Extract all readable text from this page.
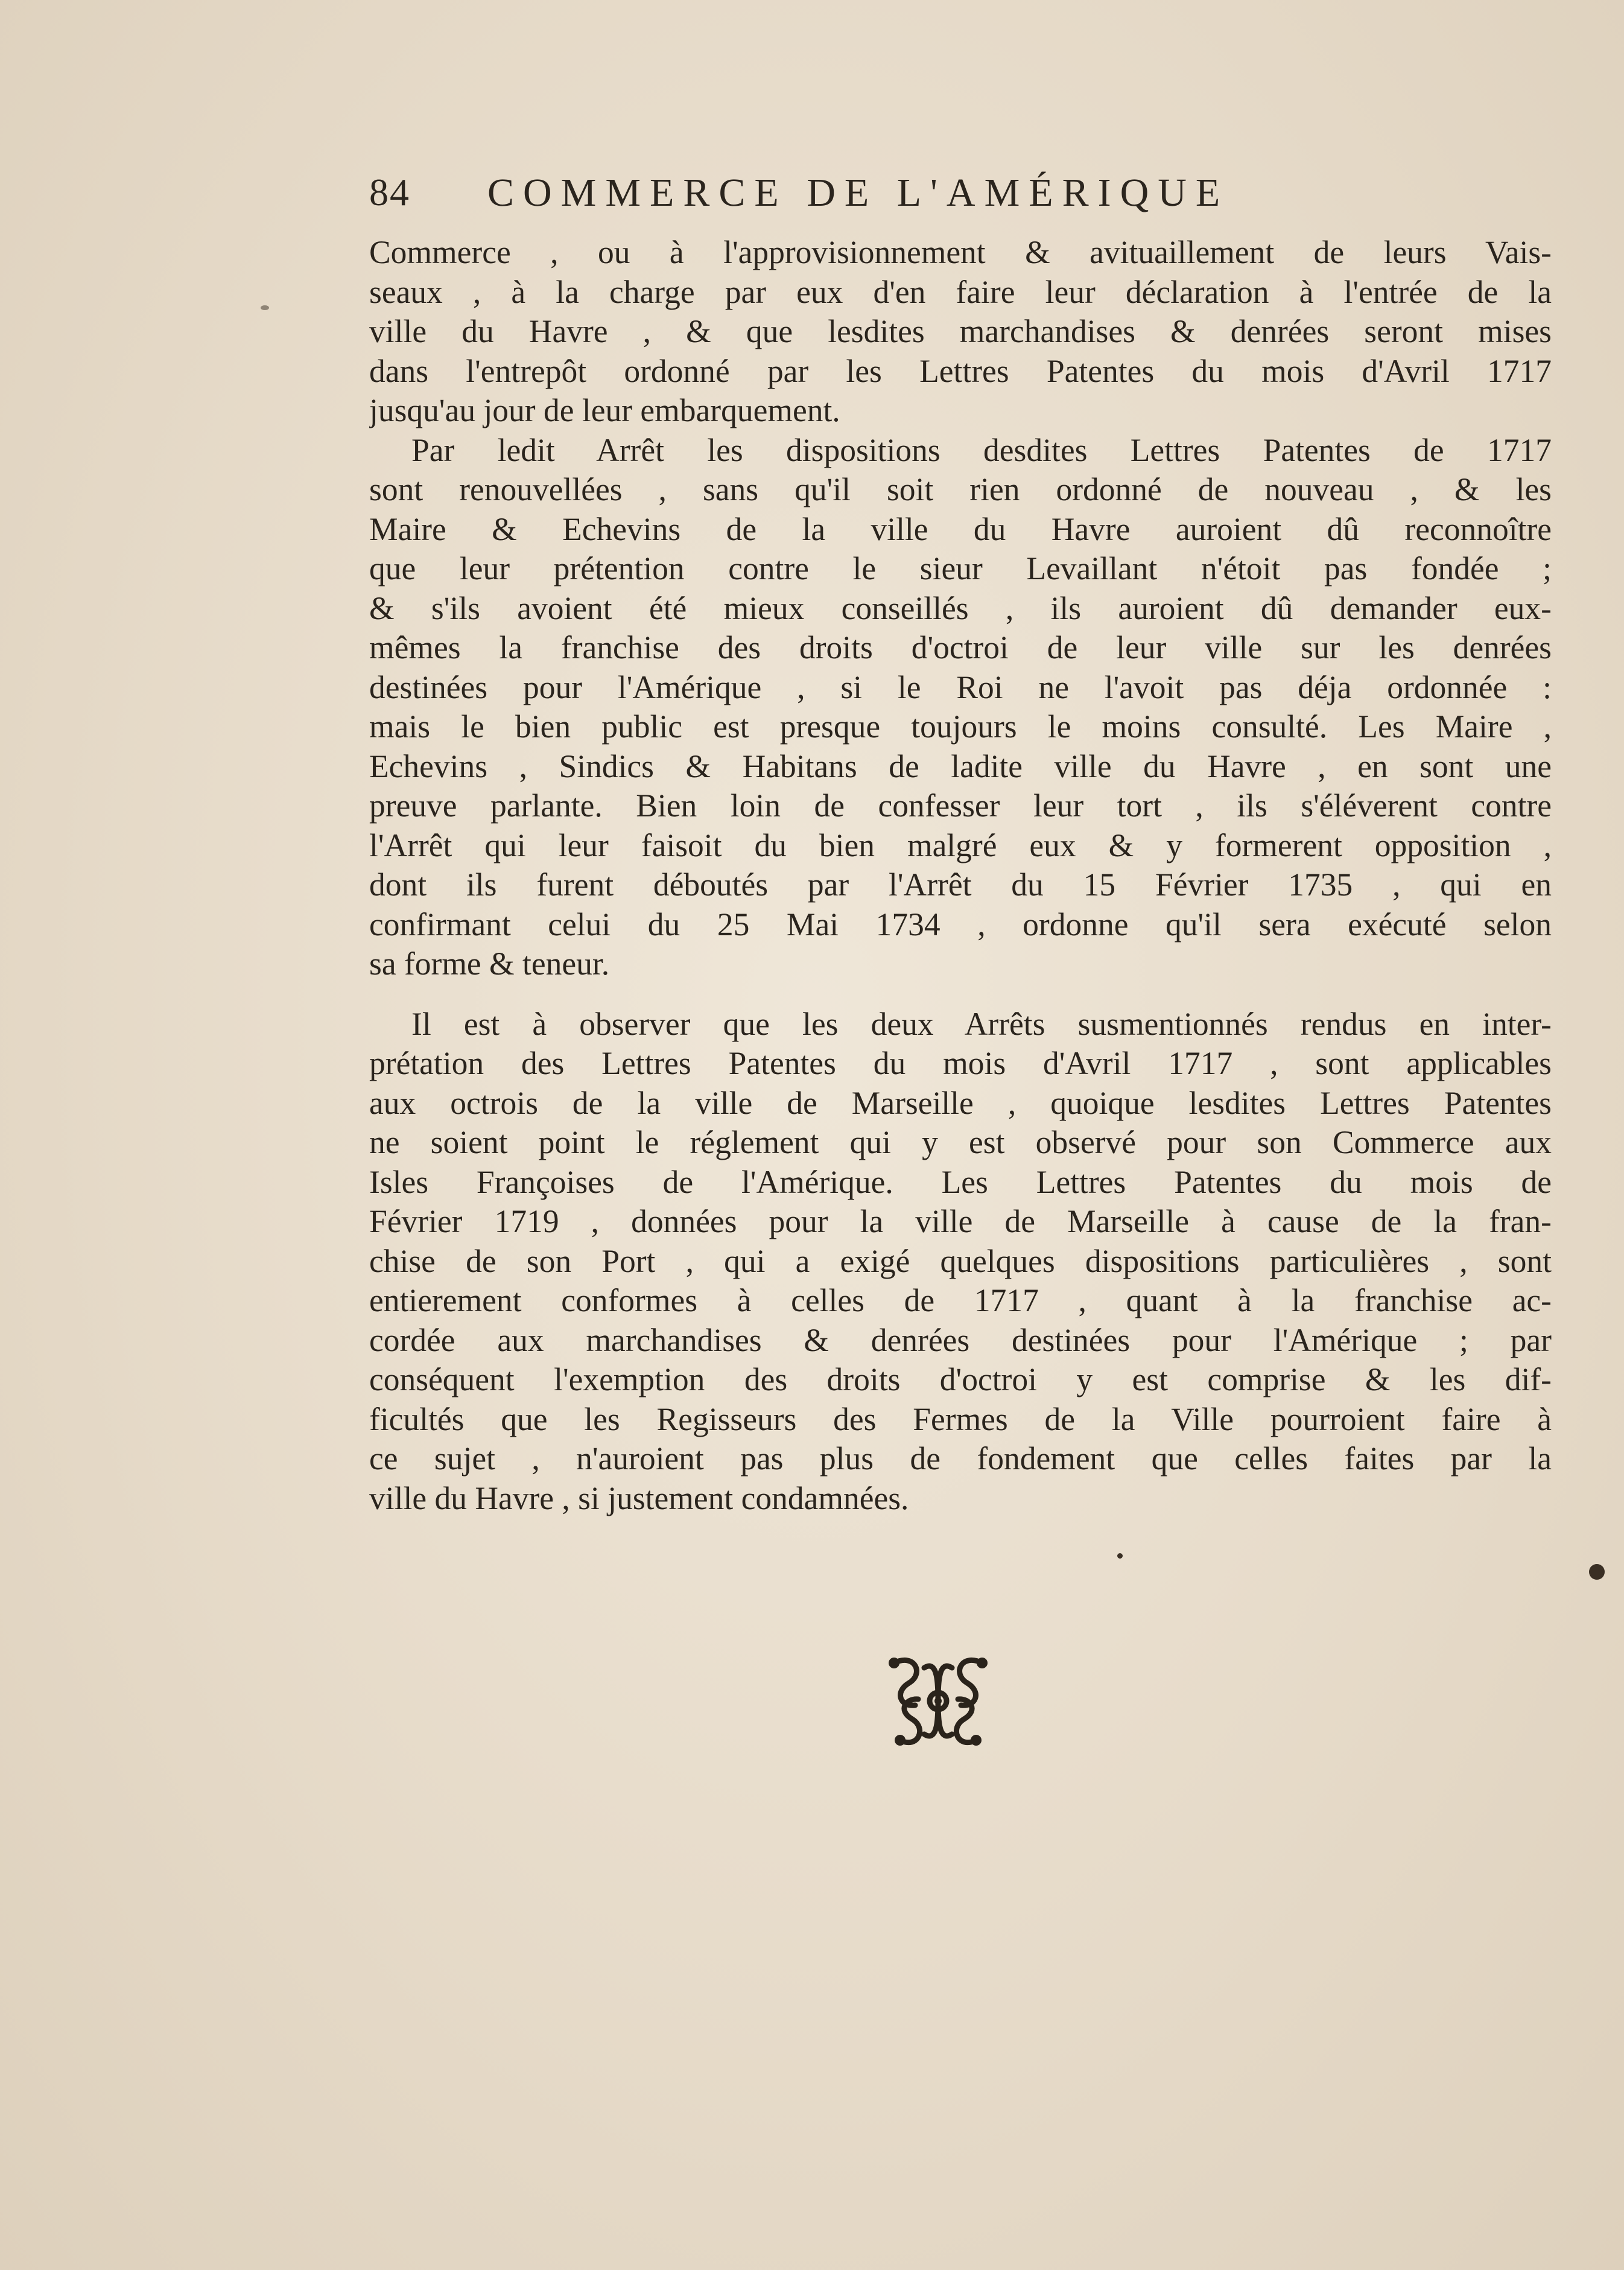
84 COMMERCE DE L'AMÉRIQUE
Commerce , ou à l'approvisionnement & avituaillement de leurs Vais-
seaux , à la charge par eux d'en faire leur déclaration à l'entrée de la
ville du Havre , & que lesdites marchandises & denrées seront mises
dans l'entrepôt ordonné par les Lettres Patentes du mois d'Avril 1717
jusqu'au jour de leur embarquement.
Par ledit Arrêt les dispositions desdites Lettres Patentes de 1717
sont renouvellées , sans qu'il soit rien ordonné de nouveau , & les
Maire & Echevins de la ville du Havre auroient dû reconnoître
que leur prétention contre le sieur Levaillant n'étoit pas fondée ;
& s'ils avoient été mieux conseillés , ils auroient dû demander eux-
mêmes la franchise des droits d'octroi de leur ville sur les denrées
destinées pour l'Amérique , si le Roi ne l'avoit pas déja ordonnée :
mais le bien public est presque toujours le moins consulté. Les Maire ,
Echevins , Sindics & Habitans de ladite ville du Havre , en sont une
preuve parlante. Bien loin de confesser leur tort , ils s'éléverent contre
l'Arrêt qui leur faisoit du bien malgré eux & y formerent opposition ,
dont ils furent déboutés par l'Arrêt du 15 Février 1735 , qui en
confirmant celui du 25 Mai 1734 , ordonne qu'il sera exécuté selon
sa forme & teneur.
Il est à observer que les deux Arrêts susmentionnés rendus en inter-
prétation des Lettres Patentes du mois d'Avril 1717 , sont applicables
aux octrois de la ville de Marseille , quoique lesdites Lettres Patentes
ne soient point le réglement qui y est observé pour son Commerce aux
Isles Françoises de l'Amérique. Les Lettres Patentes du mois de
Février 1719 , données pour la ville de Marseille à cause de la fran-
chise de son Port , qui a exigé quelques dispositions particulières , sont
entierement conformes à celles de 1717 , quant à la franchise ac-
cordée aux marchandises & denrées destinées pour l'Amérique ; par
conséquent l'exemption des droits d'octroi y est comprise & les dif-
ficultés que les Regisseurs des Fermes de la Ville pourroient faire à
ce sujet , n'auroient pas plus de fondement que celles faites par la
ville du Havre , si justement condamnées.
